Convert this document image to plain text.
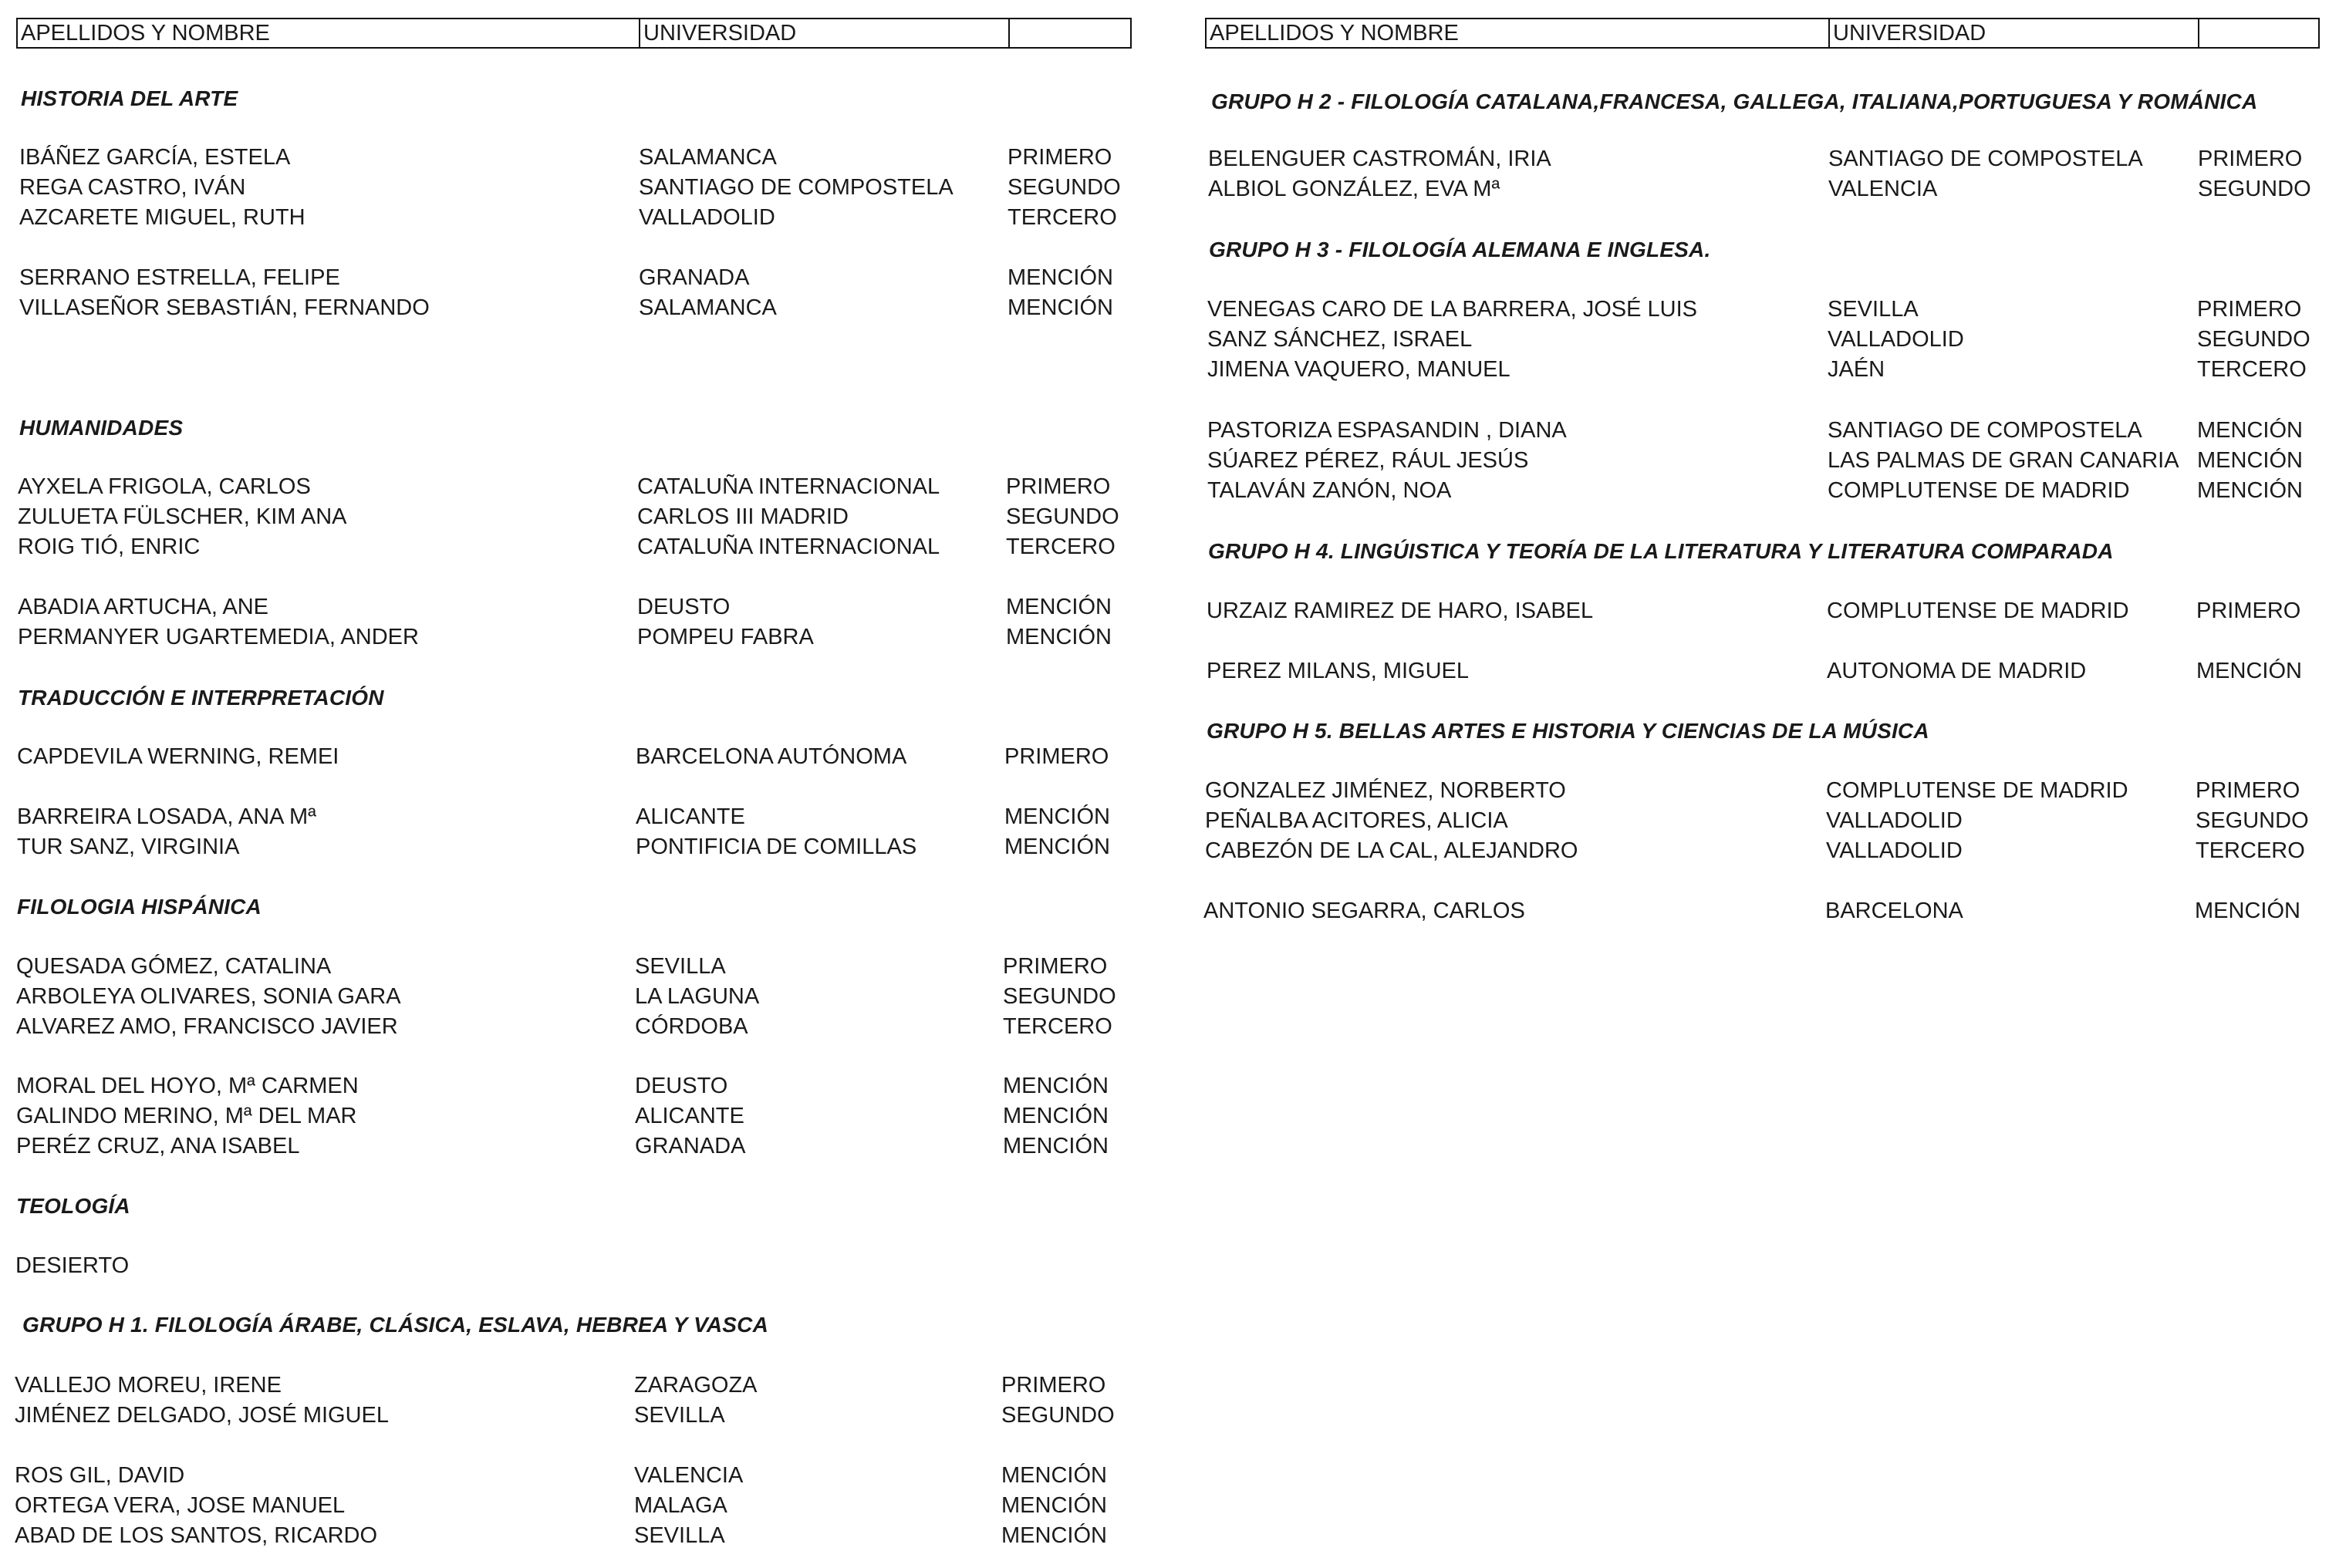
APELLIDOS Y NOMBRE	UNIVERSIDAD
HISTORIA DEL ARTE
IBÁÑEZ GARCÍA, ESTELA	SALAMANCA	PRIMERO
REGA CASTRO, IVÁN	SANTIAGO DE COMPOSTELA SEGUNDO
AZCARETE MIGUEL, RUTH	VALLADOLID	TERCERO
SERRANO ESTRELLA, FELIPE	GRANADA	MENCIÓN
VILLASEÑOR SEBASTIÁN, FERNANDO	SALAMANCA	MENCIÓN
HUMANIDADES
AYXELA FRIGOLA, CARLOS	CATALUÑA INTERNACIONAL	PRIMERO
ZULUETA FÜLSCHER, KIM ANA	CARLOS III MADRID	SEGUNDO
ROIG TIÓ, ENRIC	CATALUÑA INTERNACIONAL	TERCERO
ABADIA ARTUCHA, ANE	DEUSTO	MENCIÓN
PERMANYER UGARTEMEDIA, ANDER	POMPEU FABRA	MENCIÓN
TRADUCCIÓN E INTERPRETACIÓN
CAPDEVILA WERNING, REMEI	BARCELONA AUTÓNOMA	PRIMERO
BARREIRA LOSADA, ANA Mª	ALICANTE	MENCIÓN
TUR SANZ, VIRGINIA	PONTIFICIA DE COMILLAS	MENCIÓN
FILOLOGIA HISPÁNICA
QUESADA GÓMEZ, CATALINA	SEVILLA	PRIMERO
ARBOLEYA OLIVARES, SONIA GARA	LA LAGUNA	SEGUNDO
ALVAREZ AMO, FRANCISCO JAVIER	CÓRDOBA	TERCERO
MORAL DEL HOYO, Mª CARMEN	DEUSTO	MENCIÓN
GALINDO MERINO, Mª DEL MAR	ALICANTE	MENCIÓN
PERÉZ CRUZ, ANA ISABEL	GRANADA	MENCIÓN
TEOLOGÍA
DESIERTO
GRUPO H 1. FILOLOGÍA ÁRABE, CLÁSICA, ESLAVA, HEBREA Y VASCA
VALLEJO MOREU, IRENE	ZARAGOZA	PRIMERO
JIMÉNEZ DELGADO, JOSÉ MIGUEL	SEVILLA	SEGUNDO
ROS GIL, DAVID	VALENCIA	MENCIÓN
ORTEGA VERA, JOSE MANUEL	MALAGA	MENCIÓN
ABAD DE LOS SANTOS, RICARDO	SEVILLA	MENCIÓN
APELLIDOS Y NOMBRE	UNIVERSIDAD
GRUPO H 2 - FILOLOGÍA CATALANA,FRANCESA, GALLEGA, ITALIANA,PORTUGUESA Y ROMÁNICA
BELENGUER CASTROMÁN, IRIA	SANTIAGO DE COMPOSTELA PRIMERO
ALBIOL GONZÁLEZ, EVA Mª	VALENCIA	SEGUNDO
GRUPO H 3 - FILOLOGÍA ALEMANA E INGLESA.
VENEGAS CARO DE LA BARRERA, JOSÉ LUIS	SEVILLA	PRIMERO
SANZ SÁNCHEZ, ISRAEL	VALLADOLID	SEGUNDO
JIMENA VAQUERO, MANUEL	JAÉN	TERCERO
PASTORIZA ESPASANDIN , DIANA	SANTIAGO DE COMPOSTELA MENCIÓN
SÚAREZ PÉREZ, RÁUL JESÚS	LAS PALMAS DE GRAN CANARIA MENCIÓN
TALAVÁN ZANÓN, NOA	COMPLUTENSE DE MADRID	MENCIÓN
GRUPO H 4. LINGÚISTICA Y TEORÍA DE LA LITERATURA Y LITERATURA COMPARADA
URZAIZ RAMIREZ DE HARO, ISABEL	COMPLUTENSE DE MADRID	PRIMERO
PEREZ MILANS, MIGUEL	AUTONOMA DE MADRID	MENCIÓN
GRUPO H 5. BELLAS ARTES E HISTORIA Y CIENCIAS DE LA MÚSICA
GONZALEZ JIMÉNEZ, NORBERTO	COMPLUTENSE DE MADRID	PRIMERO
PEÑALBA ACITORES, ALICIA	VALLADOLID	SEGUNDO
CABEZÓN DE LA CAL, ALEJANDRO	VALLADOLID	TERCERO
ANTONIO SEGARRA, CARLOS	BARCELONA	MENCIÓN
